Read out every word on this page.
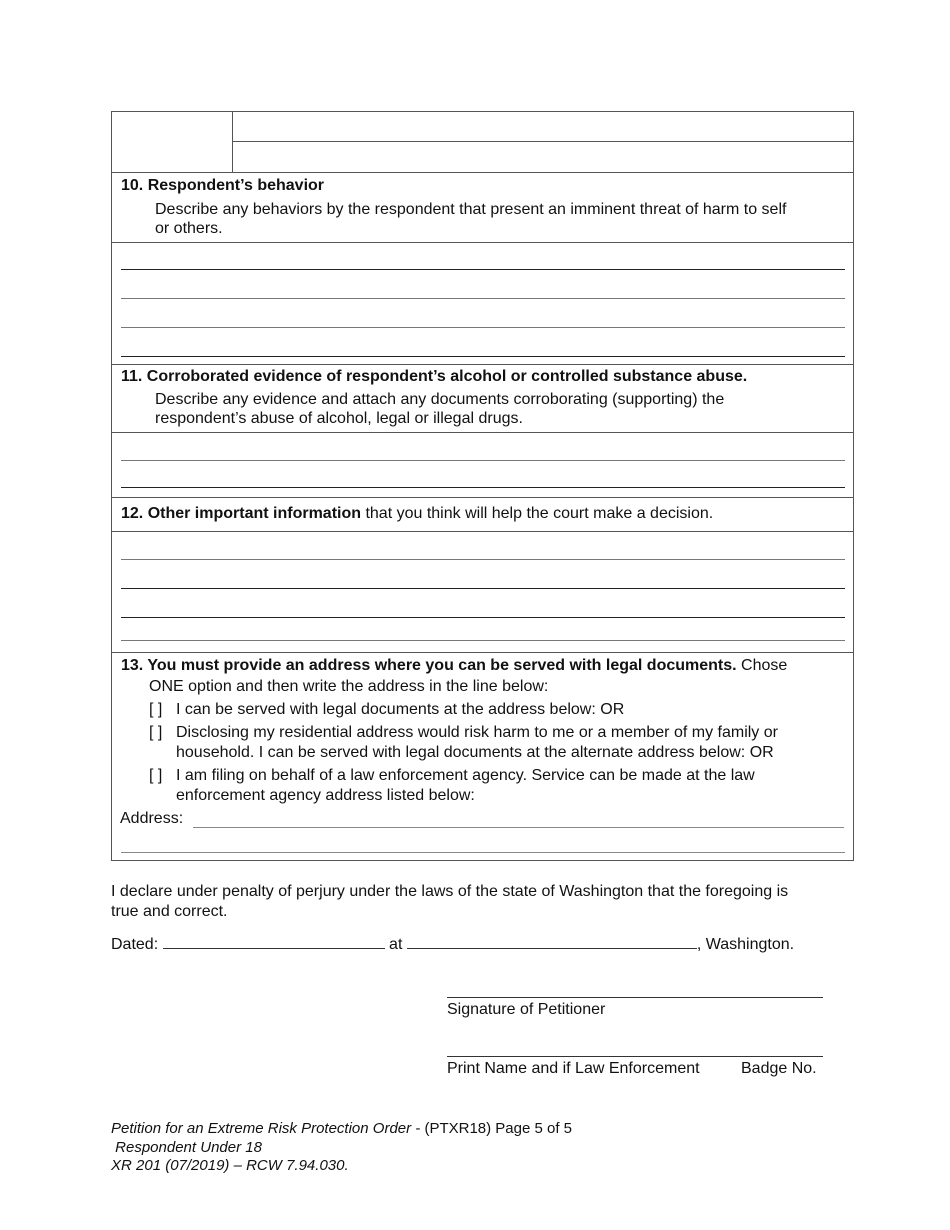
10. Respondent’s behavior
Describe any behaviors by the respondent that present an imminent threat of harm to self
or others.
11. Corroborated evidence of respondent’s alcohol or controlled substance abuse.
Describe any evidence and attach any documents corroborating (supporting) the
respondent’s abuse of alcohol, legal or illegal drugs.
12. Other important information that you think will help the court make a decision.
13. You must provide an address where you can be served with legal documents. Chose
ONE option and then write the address in the line below:
[ ] I can be served with legal documents at the address below: OR
[ ] Disclosing my residential address would risk harm to me or a member of my family or
household. I can be served with legal documents at the alternate address below: OR
[ ] I am filing on behalf of a law enforcement agency. Service can be made at the law
enforcement agency address listed below:
Address:
I declare under penalty of perjury under the laws of the state of Washington that the foregoing is
true and correct.
Dated:	at	, Washington.
Signature of Petitioner
Print Name and if Law Enforcement	Badge No.
Petition for an Extreme Risk Protection Order - (PTXR18) Page 5 of 5
Respondent Under 18
XR 201 (07/2019) – RCW 7.94.030.
